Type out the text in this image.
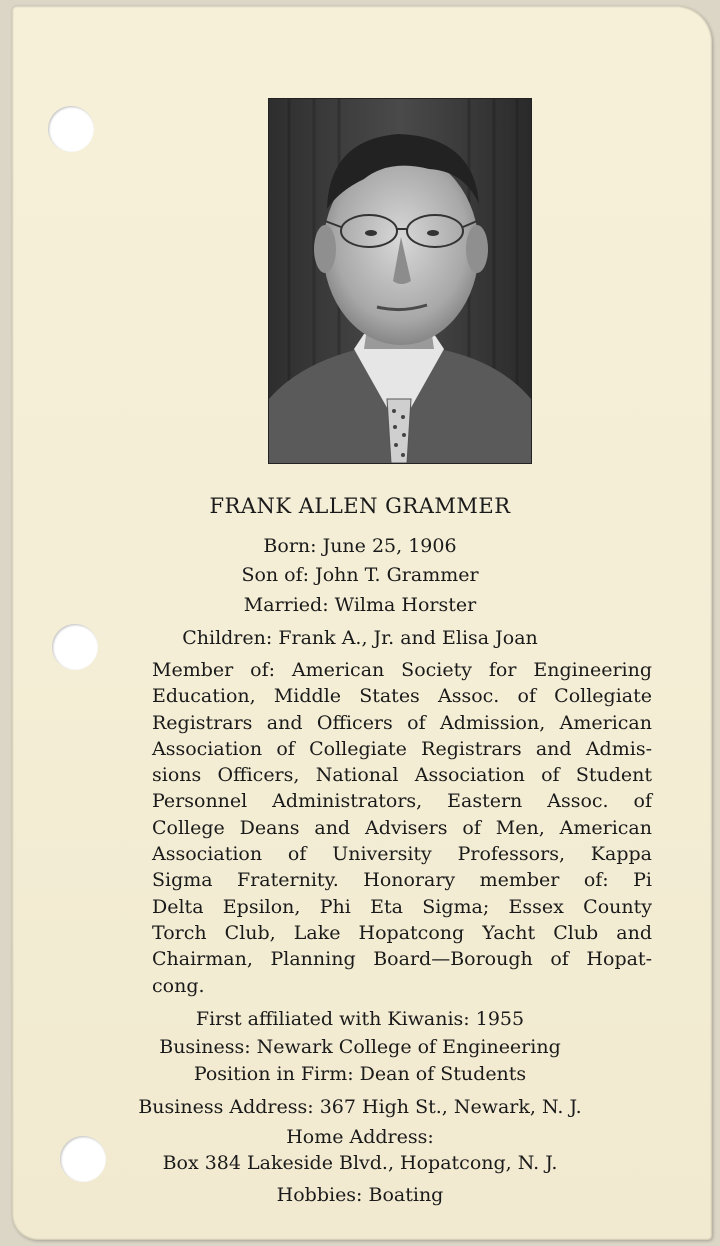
FRANK ALLEN GRAMMER
Born: June 25, 1906
Son of: John T. Grammer
Married: Wilma Horster
Children: Frank A., Jr. and Elisa Joan
Member of: American Society for Engineering
Education, Middle States Assoc. of Collegiate
Registrars and Officers of Admission, American
Association of Collegiate Registrars and Admis-
sions Officers, National Association of Student
Personnel Administrators, Eastern Assoc. of
College Deans and Advisers of Men, American
Association of University Professors, Kappa
Sigma Fraternity. Honorary member of: Pi
Delta Epsilon, Phi Eta Sigma; Essex County
Torch Club, Lake Hopatcong Yacht Club and
Chairman, Planning Board—Borough of Hopat-
cong.
First affiliated with Kiwanis: 1955
Business: Newark College of Engineering
Position in Firm: Dean of Students
Business Address: 367 High St., Newark, N. J.
Home Address:
Box 384 Lakeside Blvd., Hopatcong, N. J.
Hobbies: Boating
